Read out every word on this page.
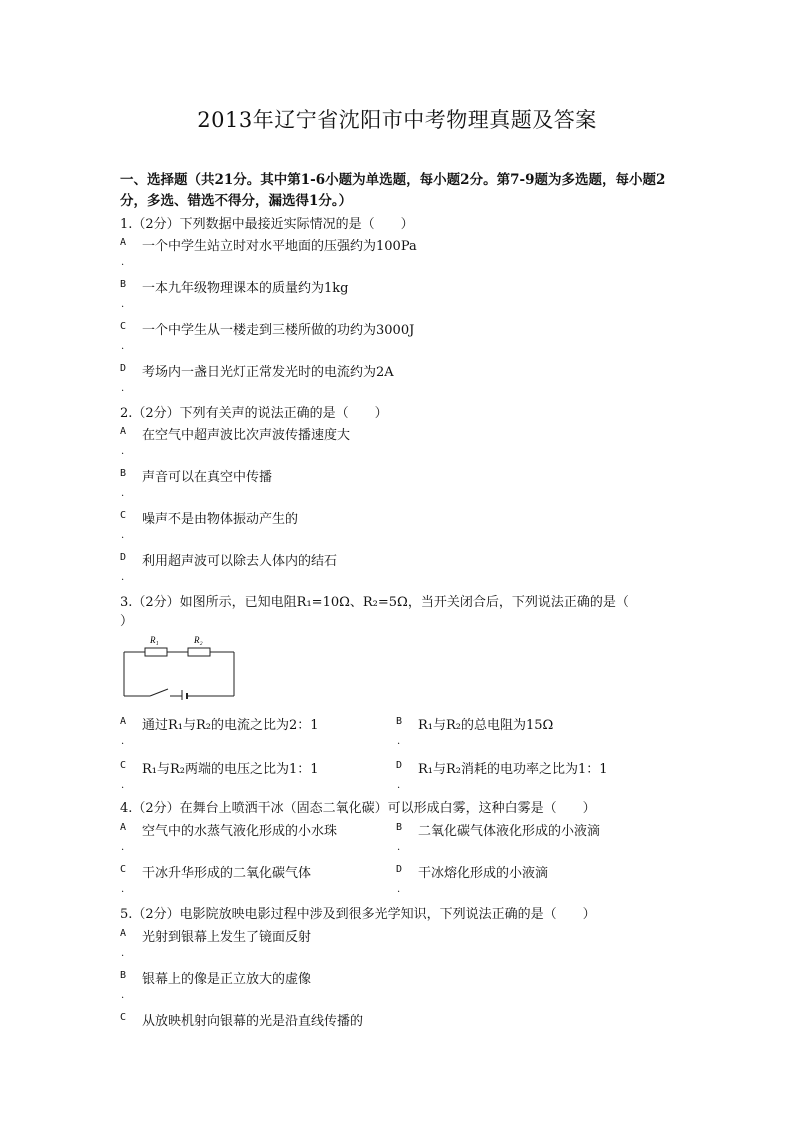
2013年辽宁省沈阳市中考物理真题及答案
一、选择题（共21分。其中第1-6小题为单选题，每小题2分。第7-9题为多选题，每小题2分，多选、错选不得分，漏选得1分。）
1.（2分）下列数据中最接近实际情况的是（　　）
A
.
一个中学生站立时对水平地面的压强约为100Pa
B
.
一本九年级物理课本的质量约为1kg
C
.
一个中学生从一楼走到三楼所做的功约为3000J
D
.
考场内一盏日光灯正常发光时的电流约为2A
2.（2分）下列有关声的说法正确的是（　　）
A
.
在空气中超声波比次声波传播速度大
B
.
声音可以在真空中传播
C
.
噪声不是由物体振动产生的
D
.
利用超声波可以除去人体内的结石
3.（2分）如图所示，已知电阻R₁=10Ω、R₂=5Ω，当开关闭合后，下列说法正确的是（
）
R₁	R₂
A
.
通过R₁与R₂的电流之比为2：1	B
.
R₁与R₂的总电阻为15Ω
C
.
R₁与R₂两端的电压之比为1：1	D
.
R₁与R₂消耗的电功率之比为1：1
4.（2分）在舞台上喷洒干冰（固态二氧化碳）可以形成白雾，这种白雾是（　　）
A
.
空气中的水蒸气液化形成的小水珠	B
.
二氧化碳气体液化形成的小液滴
C
.
干冰升华形成的二氧化碳气体	D
.
干冰熔化形成的小液滴
5.（2分）电影院放映电影过程中涉及到很多光学知识，下列说法正确的是（　　）
A
.
光射到银幕上发生了镜面反射
B
.
银幕上的像是正立放大的虚像
C 从放映机射向银幕的光是沿直线传播的
